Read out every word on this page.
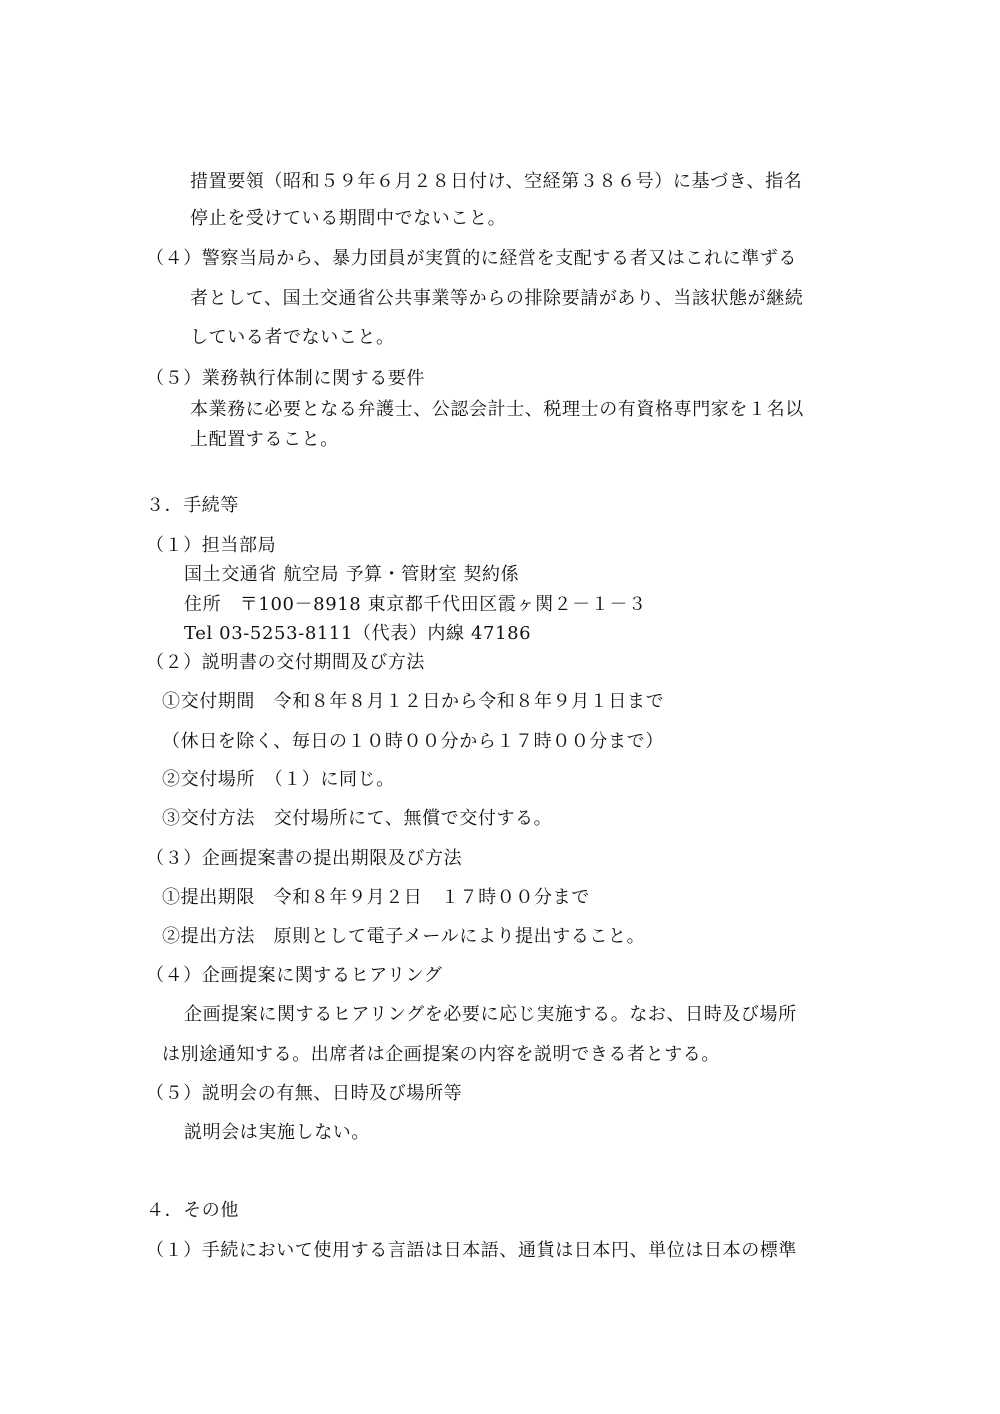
措置要領（昭和５９年６月２８日付け、空経第３８６号）に基づき、指名
停止を受けている期間中でないこと。
（４）警察当局から、暴力団員が実質的に経営を支配する者又はこれに準ずる
者として、国土交通省公共事業等からの排除要請があり、当該状態が継続
している者でないこと。
（５）業務執行体制に関する要件
本業務に必要となる弁護士、公認会計士、税理士の有資格専門家を１名以
上配置すること。
３．手続等
（１）担当部局
国土交通省 航空局 予算・管財室 契約係
住所　〒100－8918 東京都千代田区霞ヶ関２－１－３
Tel 03-5253-8111（代表）内線 47186
（２）説明書の交付期間及び方法
①交付期間　令和８年８月１２日から令和８年９月１日まで
（休日を除く、毎日の１０時００分から１７時００分まで）
②交付場所　（１）に同じ。
③交付方法　交付場所にて、無償で交付する。
（３）企画提案書の提出期限及び方法
①提出期限　令和８年９月２日　１７時００分まで
②提出方法　原則として電子メールにより提出すること。
（４）企画提案に関するヒアリング
企画提案に関するヒアリングを必要に応じ実施する。なお、日時及び場所
は別途通知する。出席者は企画提案の内容を説明できる者とする。
（５）説明会の有無、日時及び場所等
説明会は実施しない。
４．その他
（１）手続において使用する言語は日本語、通貨は日本円、単位は日本の標準
